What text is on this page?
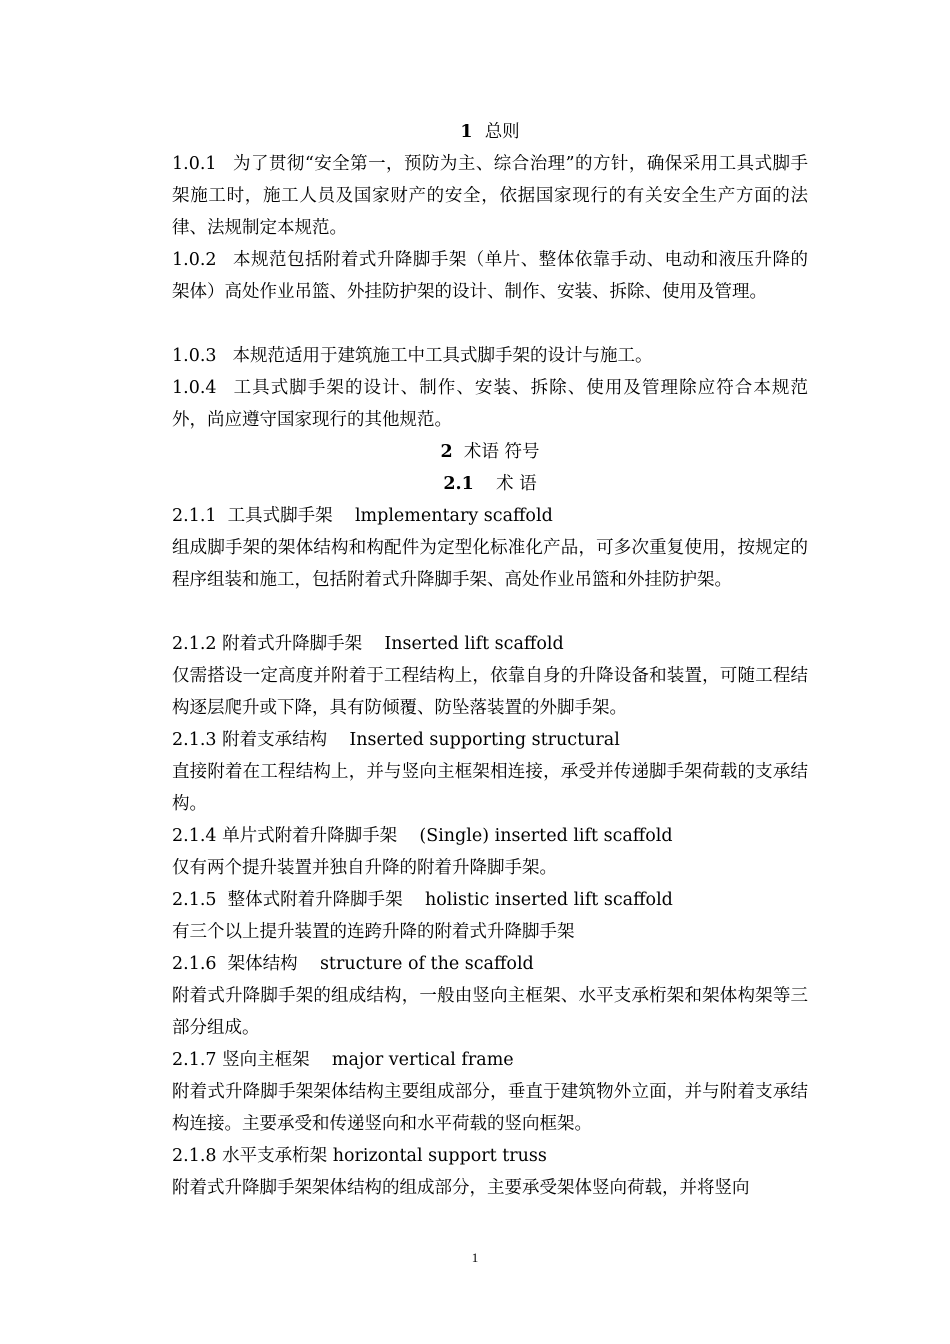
1 总则
1.0.1 为了贯彻“安全第一，预防为主、综合治理”的方针，确保采用工具式脚手架施工时，施工人员及国家财产的安全，依据国家现行的有关安全生产方面的法律、法规制定本规范。
1.0.2 本规范包括附着式升降脚手架（单片、整体依靠手动、电动和液压升降的架体）高处作业吊篮、外挂防护架的设计、制作、安装、拆除、使用及管理。
1.0.3 本规范适用于建筑施工中工具式脚手架的设计与施工。
1.0.4 工具式脚手架的设计、制作、安装、拆除、使用及管理除应符合本规范外，尚应遵守国家现行的其他规范。
2 术语 符号
2.1 术 语
2.1.1 工具式脚手架 lmplementary scaffold
组成脚手架的架体结构和构配件为定型化标准化产品，可多次重复使用，按规定的程序组装和施工，包括附着式升降脚手架、高处作业吊篮和外挂防护架。
2.1.2 附着式升降脚手架 Inserted lift scaffold
仅需搭设一定高度并附着于工程结构上，依靠自身的升降设备和装置，可随工程结构逐层爬升或下降，具有防倾覆、防坠落装置的外脚手架。
2.1.3 附着支承结构 Inserted supporting structural
直接附着在工程结构上，并与竖向主框架相连接，承受并传递脚手架荷载的支承结构。
2.1.4 单片式附着升降脚手架 (Single) inserted lift scaffold
仅有两个提升装置并独自升降的附着升降脚手架。
2.1.5 整体式附着升降脚手架 holistic inserted lift scaffold
有三个以上提升装置的连跨升降的附着式升降脚手架
2.1.6 架体结构 structure of the scaffold
附着式升降脚手架的组成结构，一般由竖向主框架、水平支承桁架和架体构架等三部分组成。
2.1.7 竖向主框架 major vertical frame
附着式升降脚手架架体结构主要组成部分，垂直于建筑物外立面，并与附着支承结构连接。主要承受和传递竖向和水平荷载的竖向框架。
2.1.8 水平支承桁架 horizontal support truss
附着式升降脚手架架体结构的组成部分，主要承受架体竖向荷载，并将竖向
1
